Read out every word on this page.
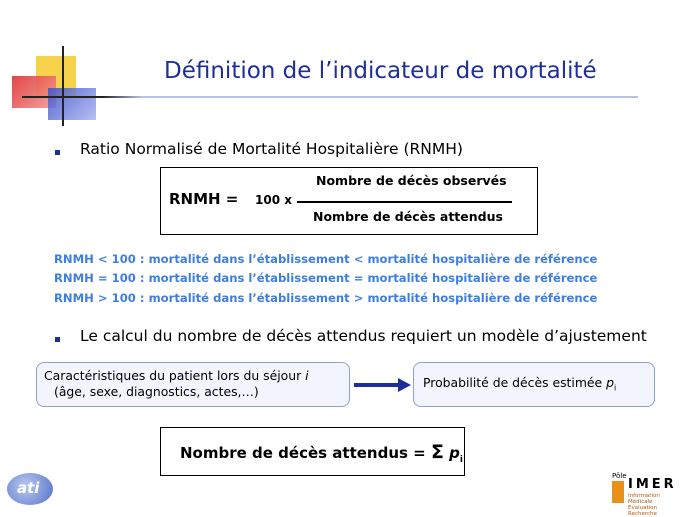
Définition de l’indicateur de mortalité
Ratio Normalisé de Mortalité Hospitalière (RNMH)
RNMH = 100 x
Nombre de décès observés
Nombre de décès attendus
RNMH < 100 : mortalité dans l’établissement < mortalité hospitalière de référence
RNMH = 100 : mortalité dans l’établissement = mortalité hospitalière de référence
RNMH > 100 : mortalité dans l’établissement > mortalité hospitalière de référence
Le calcul du nombre de décès attendus requiert un modèle d’ajustement
Caractéristiques du patient lors du séjour i
(âge, sexe, diagnostics, actes,…)
Probabilité de décès estimée $p_i$
Nombre de décès attendus = Σ $p_i$
ati
Pôle
IMER
Information Médicale
Evaluation Recherche
